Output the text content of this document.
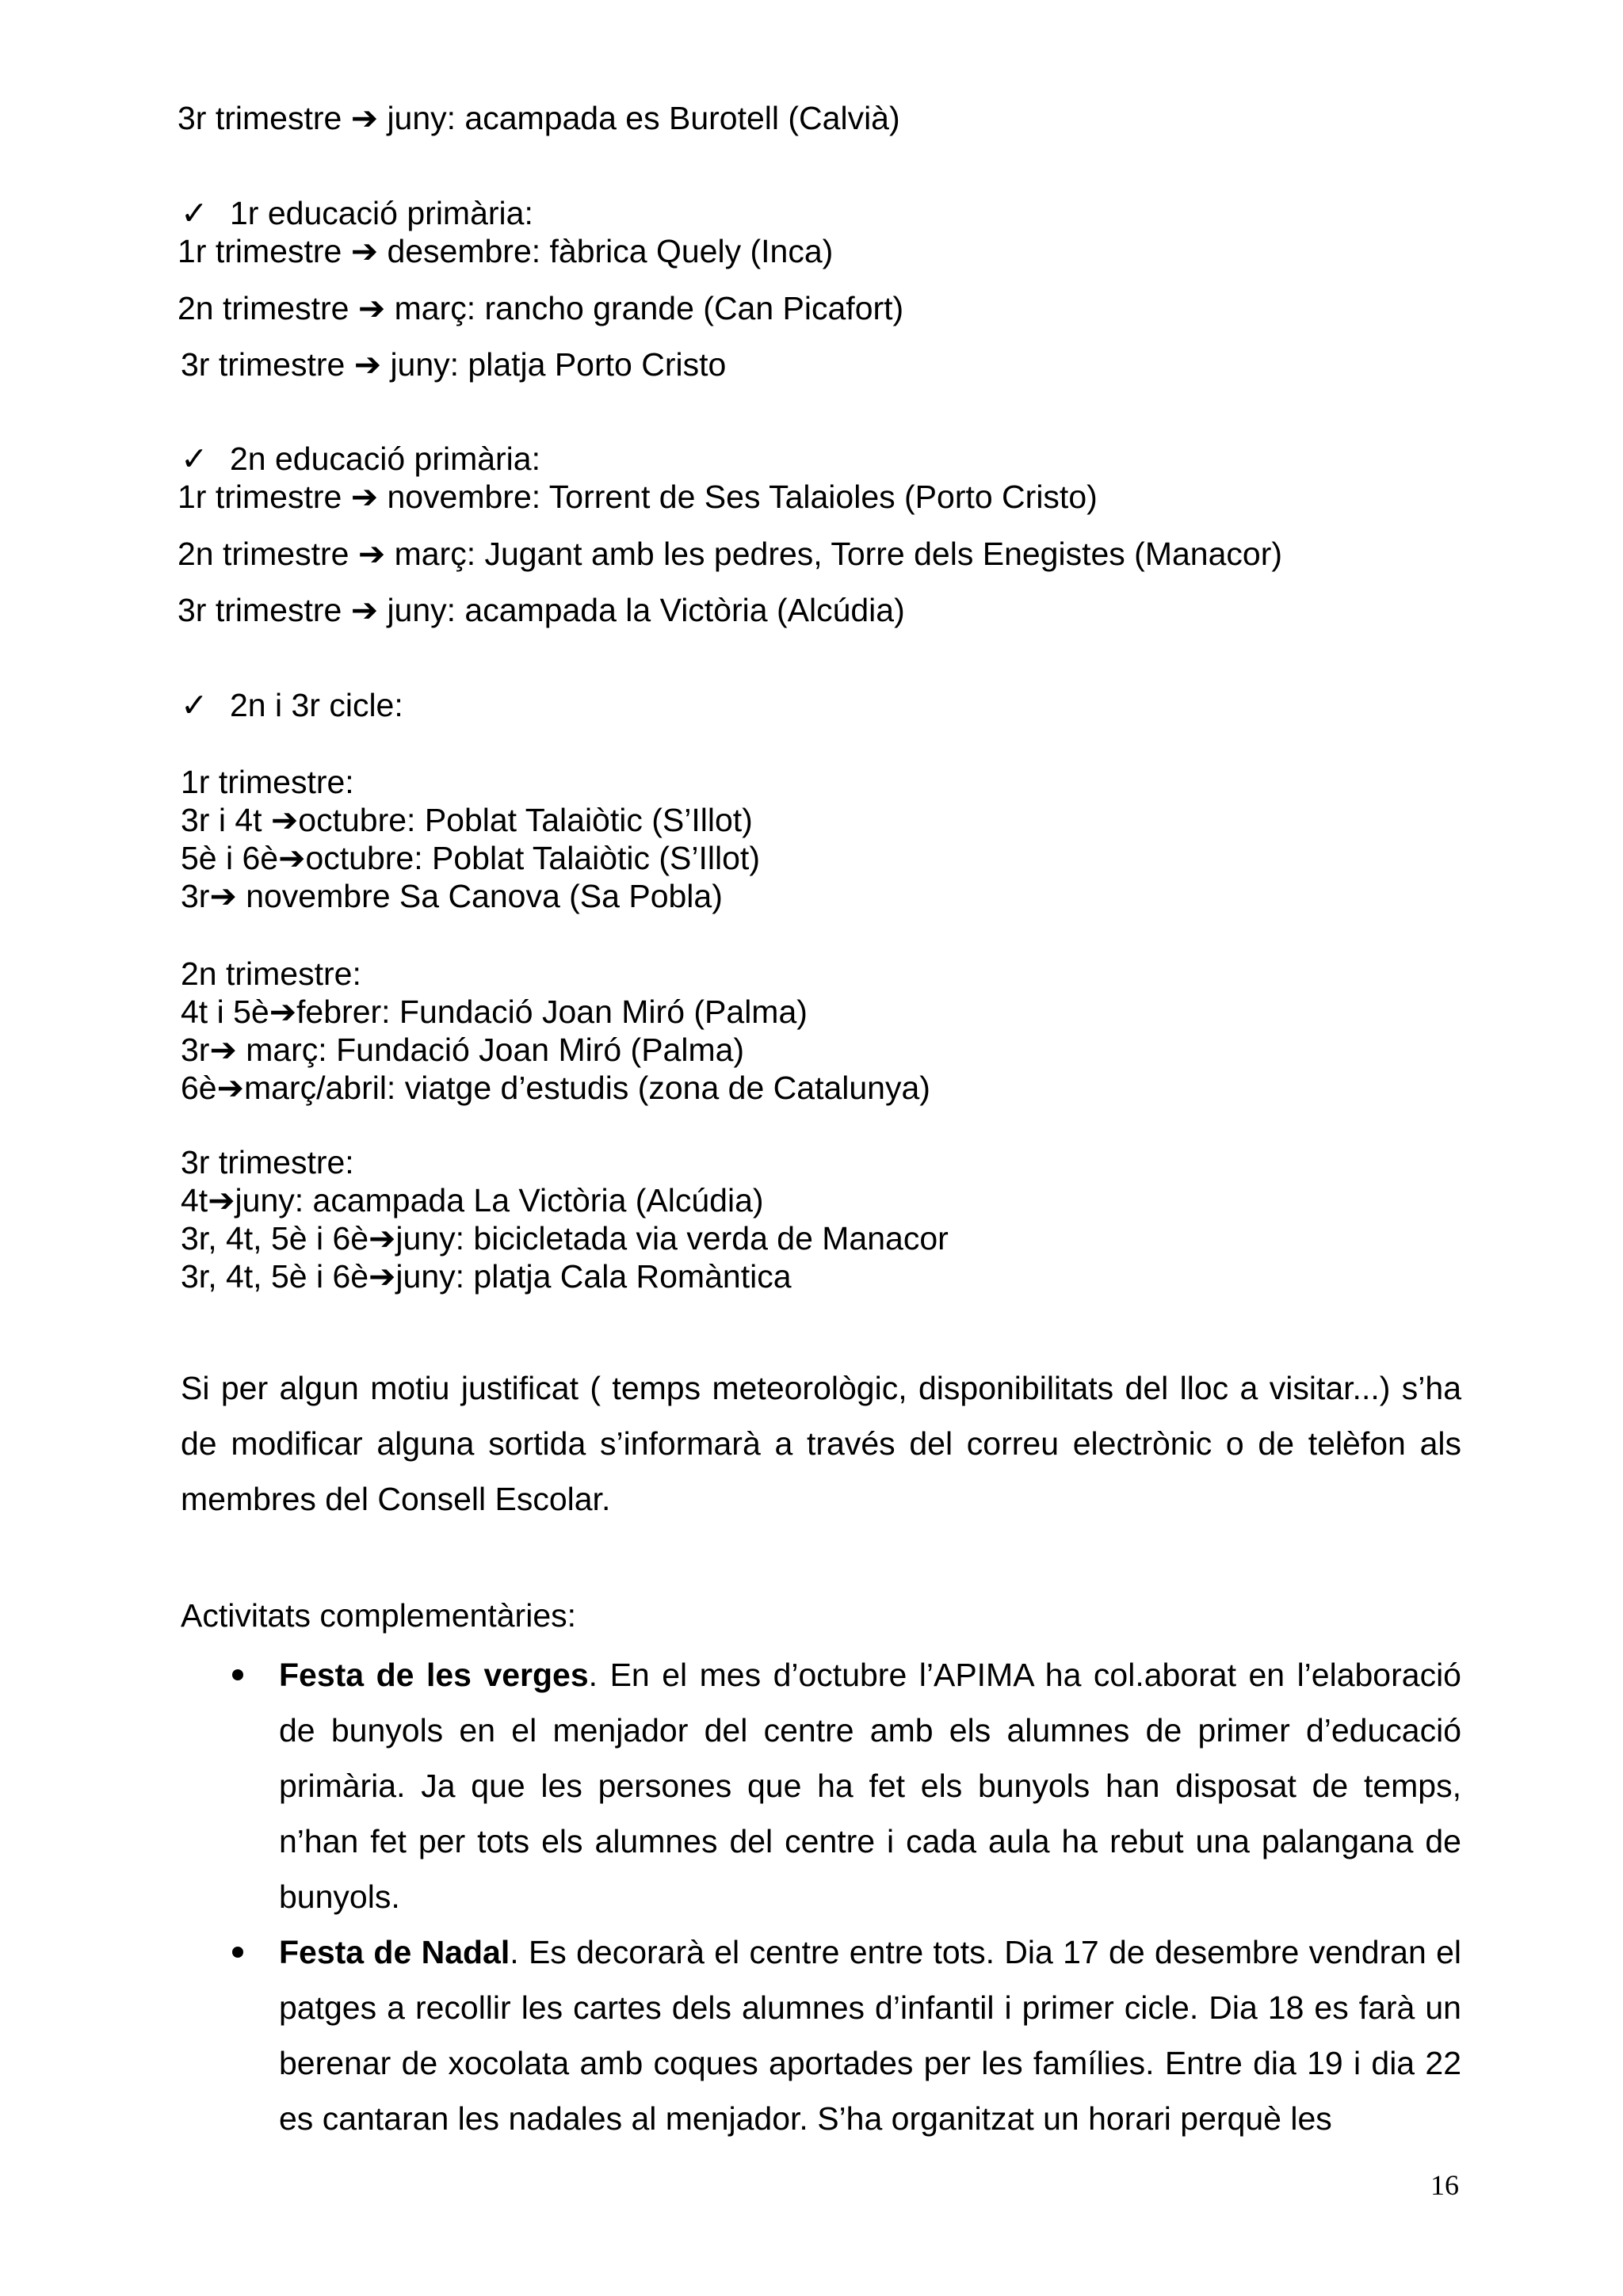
3r trimestre ➔ juny: acampada es Burotell (Calvià)
✓ 1r educació primària:
1r trimestre ➔ desembre: fàbrica Quely (Inca)
2n trimestre ➔ març: rancho grande (Can Picafort)
3r trimestre ➔ juny: platja Porto Cristo
✓ 2n educació primària:
1r trimestre ➔ novembre: Torrent de Ses Talaioles (Porto Cristo)
2n trimestre ➔ març: Jugant amb les pedres, Torre dels Enegistes (Manacor)
3r trimestre ➔ juny: acampada la Victòria (Alcúdia)
✓ 2n i 3r cicle:
1r trimestre:
3r i 4t ➔octubre: Poblat Talaiòtic (S’Illot)
5è i 6è➔octubre: Poblat Talaiòtic (S’Illot)
3r➔ novembre Sa Canova (Sa Pobla)
2n trimestre:
4t i 5è➔febrer: Fundació Joan Miró (Palma)
3r➔ març: Fundació Joan Miró (Palma)
6è➔març/abril: viatge d’estudis (zona de Catalunya)
3r trimestre:
4t➔juny: acampada La Victòria (Alcúdia)
3r, 4t, 5è i 6è➔juny: bicicletada via verda de Manacor
3r, 4t, 5è i 6è➔juny: platja Cala Romàntica
Si per algun motiu justificat ( temps meteorològic, disponibilitats del lloc a visitar...) s’ha de modificar alguna sortida s’informarà a través del correu electrònic o de telèfon als membres del Consell Escolar.
Activitats complementàries:
Festa de les verges. En el mes d’octubre l’APIMA ha col.aborat en l’elaboració de bunyols en el menjador del centre amb els alumnes de primer d’educació primària. Ja que les persones que ha fet els bunyols han disposat de temps, n’han fet per tots els alumnes del centre i cada aula ha rebut una palangana de bunyols.
Festa de Nadal. Es decorarà el centre entre tots. Dia 17 de desembre vendran el patges a recollir les cartes dels alumnes d’infantil i primer cicle. Dia 18 es farà un berenar de xocolata amb coques aportades per les famílies. Entre dia 19 i dia 22 es cantaran les nadales al menjador. S’ha organitzat un horari perquè les
16
